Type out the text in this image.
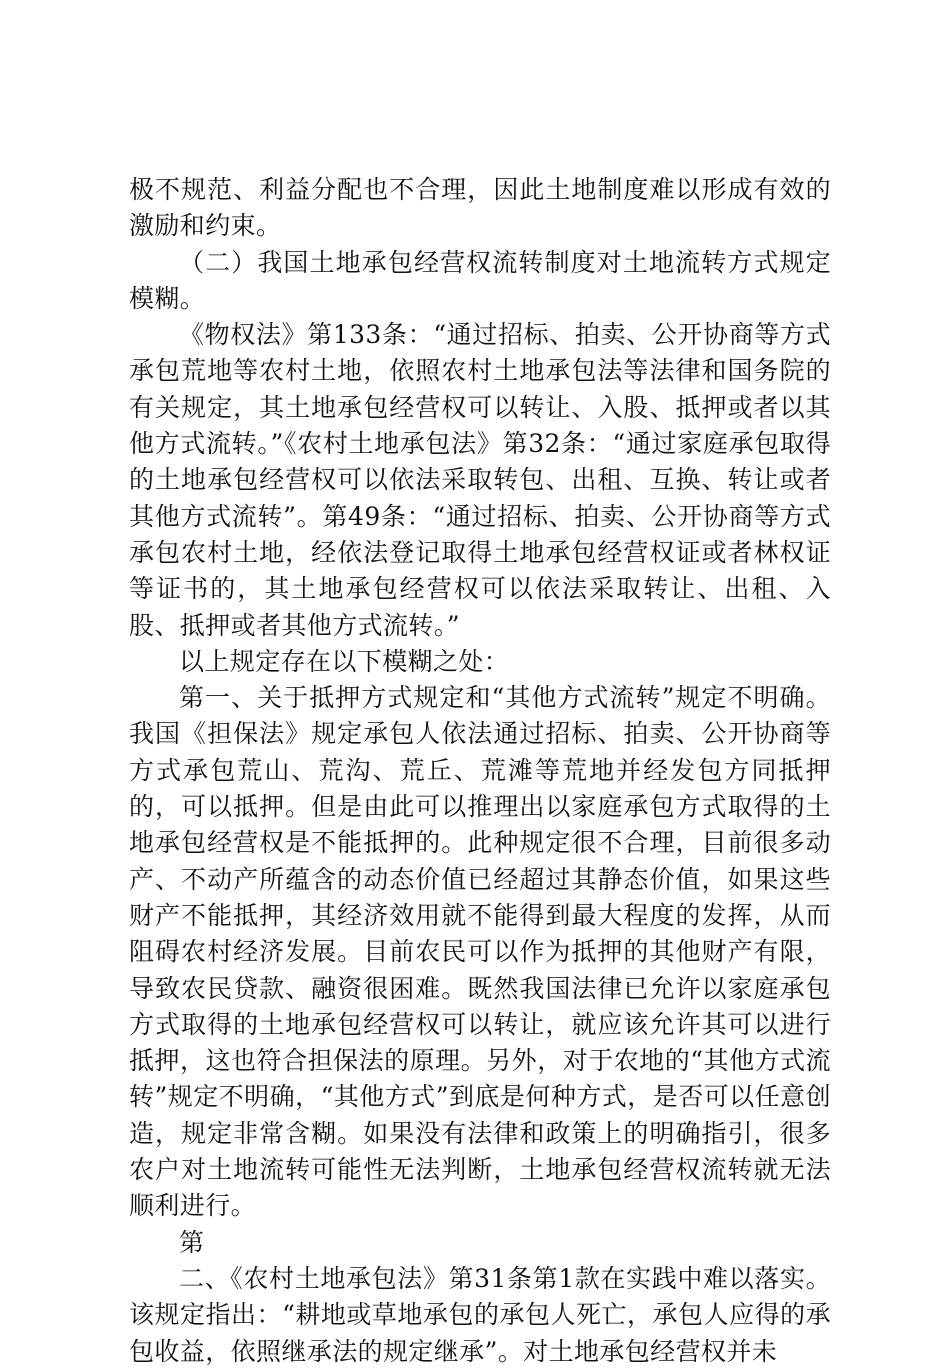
极不规范、利益分配也不合理，因此土地制度难以形成有效的激励和约束。

（二）我国土地承包经营权流转制度对土地流转方式规定模糊。

《物权法》第133条：“通过招标、拍卖、公开协商等方式承包荒地等农村土地，依照农村土地承包法等法律和国务院的有关规定，其土地承包经营权可以转让、入股、抵押或者以其他方式流转。”《农村土地承包法》第32条：“通过家庭承包取得的土地承包经营权可以依法采取转包、出租、互换、转让或者其他方式流转”。第49条：“通过招标、拍卖、公开协商等方式承包农村土地，经依法登记取得土地承包经营权证或者林权证等证书的，其土地承包经营权可以依法采取转让、出租、入股、抵押或者其他方式流转。”

以上规定存在以下模糊之处：

第一、关于抵押方式规定和“其他方式流转”规定不明确。我国《担保法》规定承包人依法通过招标、拍卖、公开协商等方式承包荒山、荒沟、荒丘、荒滩等荒地并经发包方同抵押的，可以抵押。但是由此可以推理出以家庭承包方式取得的土地承包经营权是不能抵押的。此种规定很不合理，目前很多动产、不动产所蕴含的动态价值已经超过其静态价值，如果这些财产不能抵押，其经济效用就不能得到最大程度的发挥，从而阻碍农村经济发展。目前农民可以作为抵押的其他财产有限，导致农民贷款、融资很困难。既然我国法律已允许以家庭承包方式取得的土地承包经营权可以转让，就应该允许其可以进行抵押，这也符合担保法的原理。另外，对于农地的“其他方式流转”规定不明确，“其他方式”到底是何种方式，是否可以任意创造，规定非常含糊。如果没有法律和政策上的明确指引，很多农户对土地流转可能性无法判断，土地承包经营权流转就无法顺利进行。

第

二、《农村土地承包法》第31条第1款在实践中难以落实。该规定指出：“耕地或草地承包的承包人死亡，承包人应得的承包收益，依照继承法的规定继承”。对土地承包经营权并未
